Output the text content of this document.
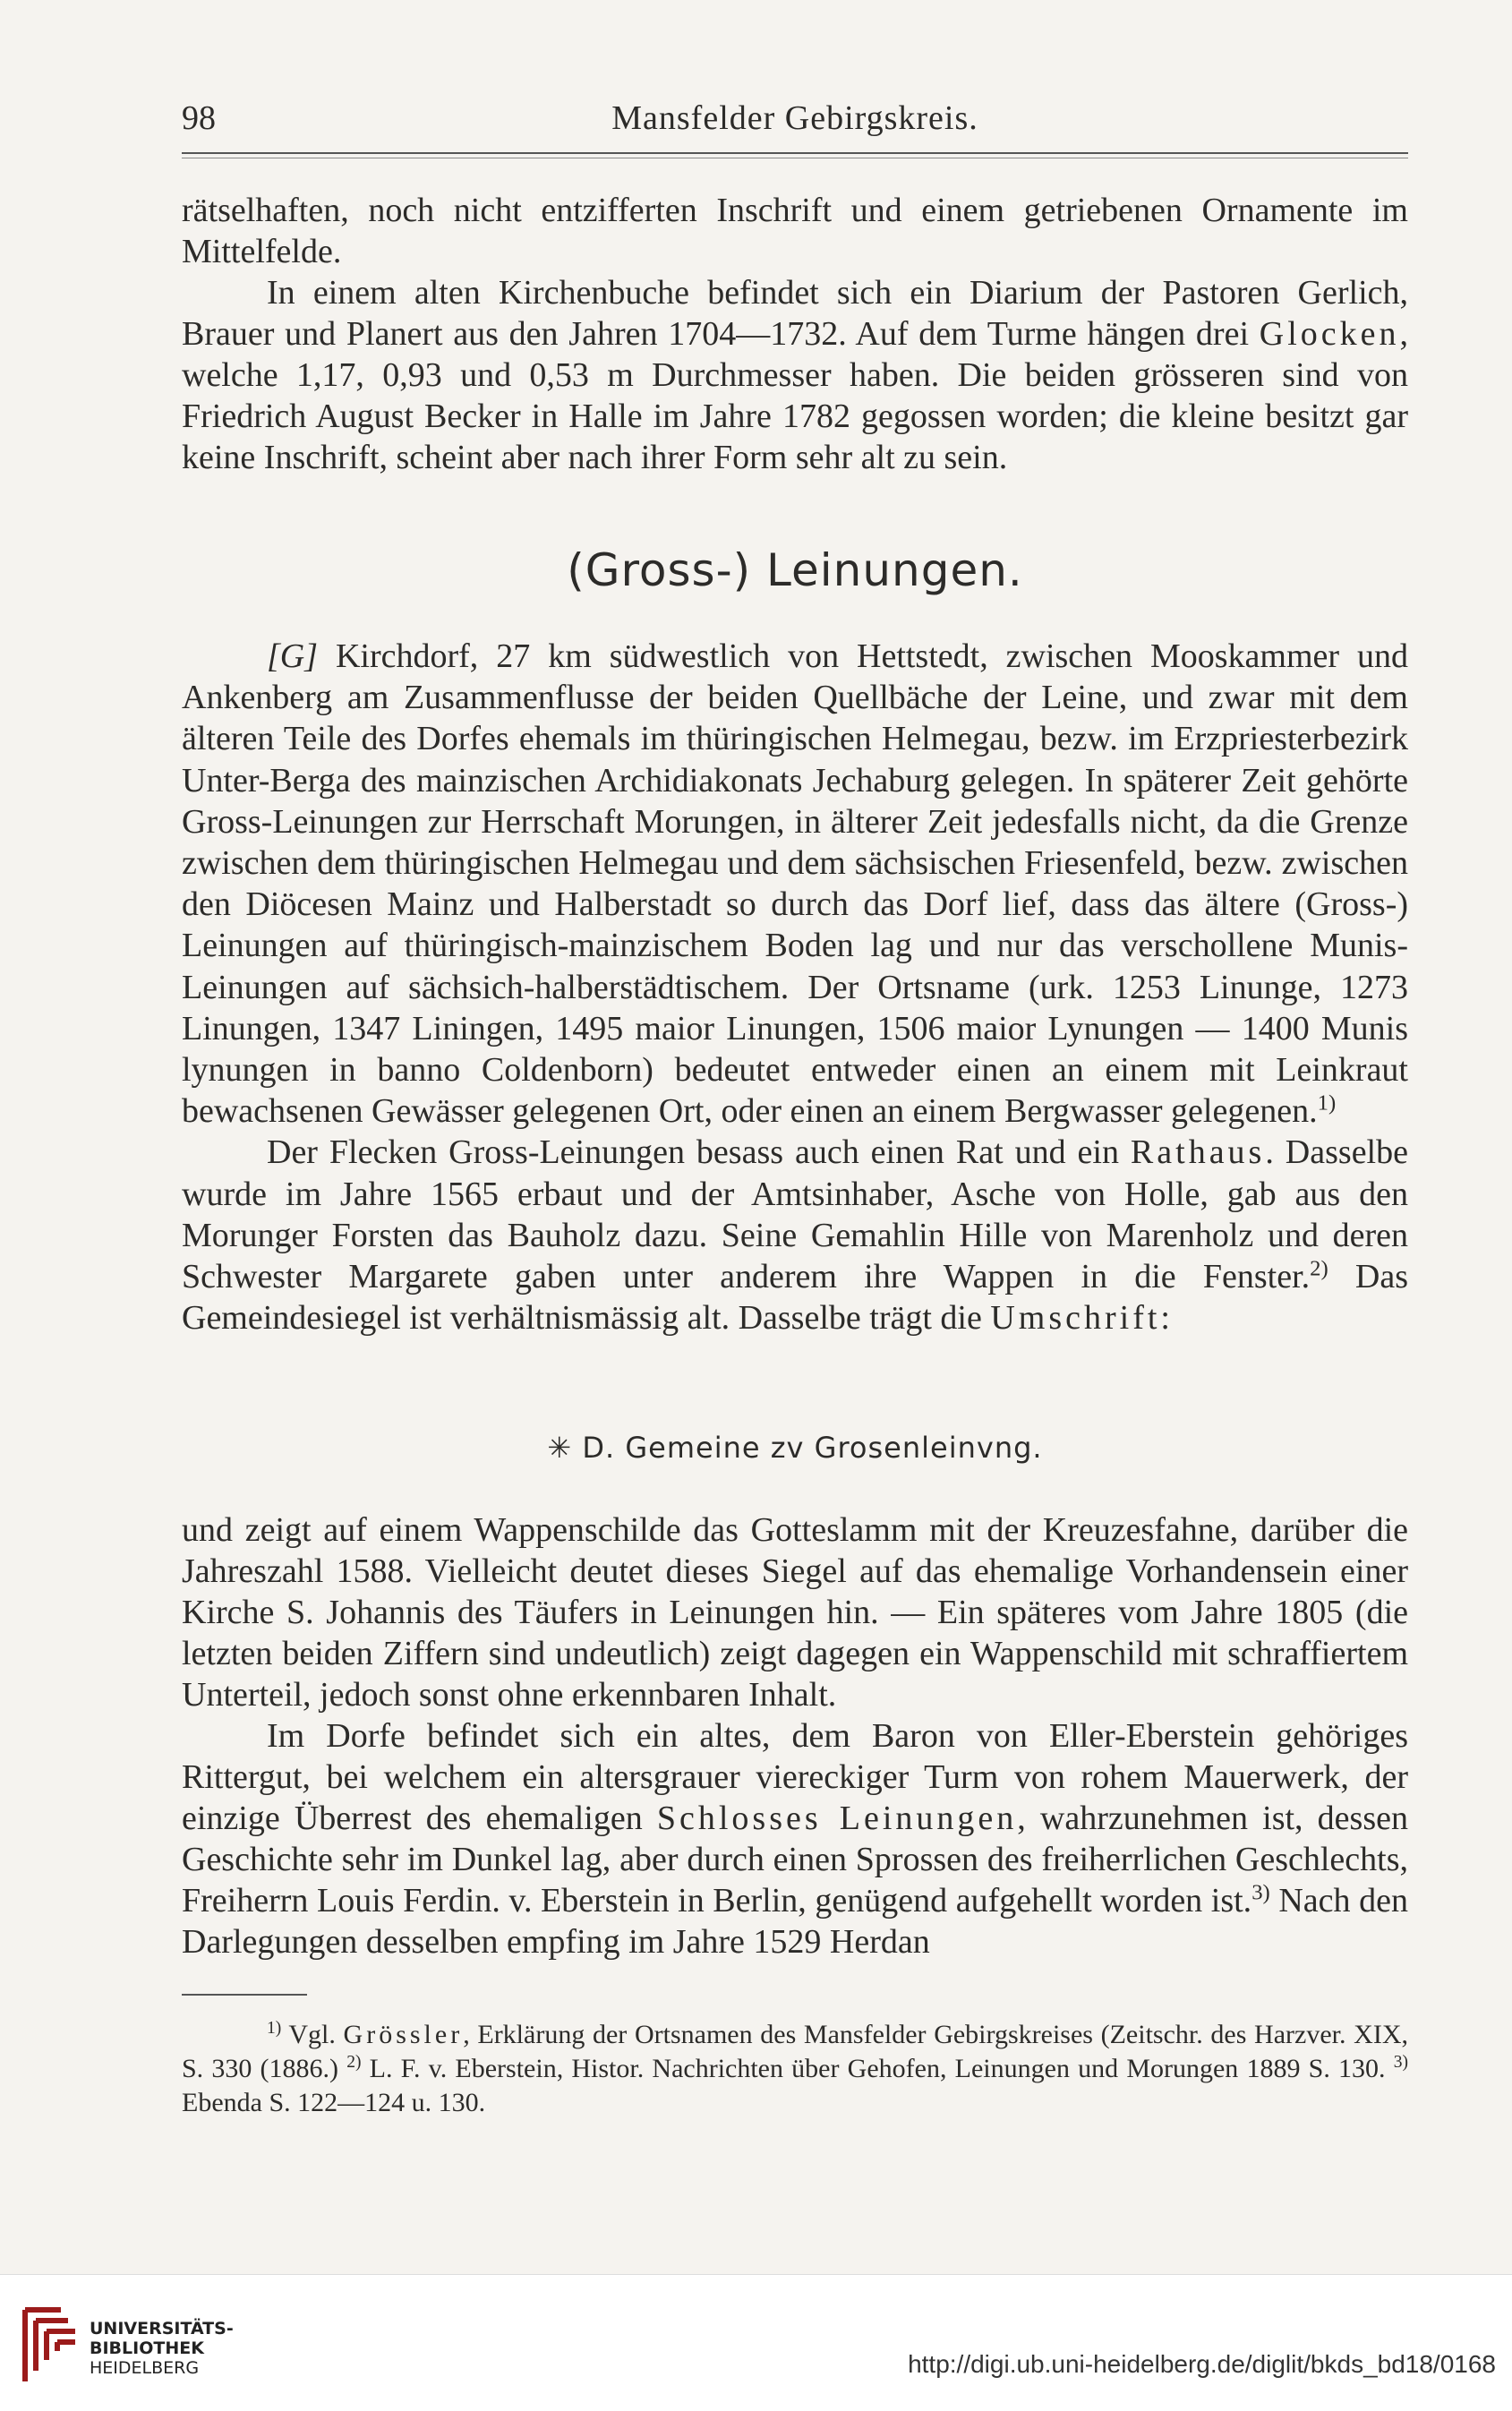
98	Mansfelder Gebirgskreis.

rätselhaften, noch nicht entzifferten Inschrift und einem getriebenen Ornamente im Mittelfelde.

In einem alten Kirchenbuche befindet sich ein Diarium der Pastoren Gerlich, Brauer und Planert aus den Jahren 1704—1732. Auf dem Turme hängen drei Glocken, welche 1,17, 0,93 und 0,53 m Durchmesser haben. Die beiden grösseren sind von Friedrich August Becker in Halle im Jahre 1782 gegossen worden; die kleine besitzt gar keine Inschrift, scheint aber nach ihrer Form sehr alt zu sein.

(Gross-) Leinungen.

[G] Kirchdorf, 27 km südwestlich von Hettstedt, zwischen Mooskammer und Ankenberg am Zusammenflusse der beiden Quellbäche der Leine, und zwar mit dem älteren Teile des Dorfes ehemals im thüringischen Helmegau, bezw. im Erzpriesterbezirk Unter-Berga des mainzischen Archidiakonats Jechaburg gelegen. In späterer Zeit gehörte Gross-Leinungen zur Herrschaft Morungen, in älterer Zeit jedesfalls nicht, da die Grenze zwischen dem thüringischen Helmegau und dem sächsischen Friesenfeld, bezw. zwischen den Diöcesen Mainz und Halberstadt so durch das Dorf lief, dass das ältere (Gross-) Leinungen auf thüringisch-mainzischem Boden lag und nur das verschollene Munis-Leinungen auf sächsich-halberstädtischem. Der Ortsname (urk. 1253 Linunge, 1273 Linungen, 1347 Liningen, 1495 maior Linungen, 1506 maior Lynungen — 1400 Munis lynungen in banno Coldenborn) bedeutet entweder einen an einem mit Leinkraut bewachsenen Gewässer gelegenen Ort, oder einen an einem Bergwasser gelegenen.$^{1)}$

Der Flecken Gross-Leinungen besass auch einen Rat und ein Rathaus. Dasselbe wurde im Jahre 1565 erbaut und der Amtsinhaber, Asche von Holle, gab aus den Morunger Forsten das Bauholz dazu. Seine Gemahlin Hille von Marenholz und deren Schwester Margarete gaben unter anderem ihre Wappen in die Fenster.$^{2)}$ Das Gemeindesiegel ist verhältnismässig alt. Dasselbe trägt die Umschrift:

✳ D. Gemeine zv Grosenleinvng.

und zeigt auf einem Wappenschilde das Gotteslamm mit der Kreuzesfahne, darüber die Jahreszahl 1588. Vielleicht deutet dieses Siegel auf das ehemalige Vorhandensein einer Kirche S. Johannis des Täufers in Leinungen hin. — Ein späteres vom Jahre 1805 (die letzten beiden Ziffern sind undeutlich) zeigt dagegen ein Wappenschild mit schraffiertem Unterteil, jedoch sonst ohne erkennbaren Inhalt.

Im Dorfe befindet sich ein altes, dem Baron von Eller-Eberstein gehöriges Rittergut, bei welchem ein altersgrauer viereckiger Turm von rohem Mauerwerk, der einzige Überrest des ehemaligen Schlosses Leinungen, wahrzunehmen ist, dessen Geschichte sehr im Dunkel lag, aber durch einen Sprossen des freiherrlichen Geschlechts, Freiherrn Louis Ferdin. v. Eberstein in Berlin, genügend aufgehellt worden ist.$^{3)}$ Nach den Darlegungen desselben empfing im Jahre 1529 Herdan

$^{1)}$ Vgl. Grössler, Erklärung der Ortsnamen des Mansfelder Gebirgskreises (Zeitschr. des Harzver. XIX, S. 330 (1886.) $^{2)}$ L. F. v. Eberstein, Histor. Nachrichten über Gehofen, Leinungen und Morungen 1889 S. 130. $^{3)}$ Ebenda S. 122—124 u. 130.

UNIVERSITÄTS-
BIBLIOTHEK
HEIDELBERG	http://digi.ub.uni-heidelberg.de/diglit/bkds_bd18/0168
